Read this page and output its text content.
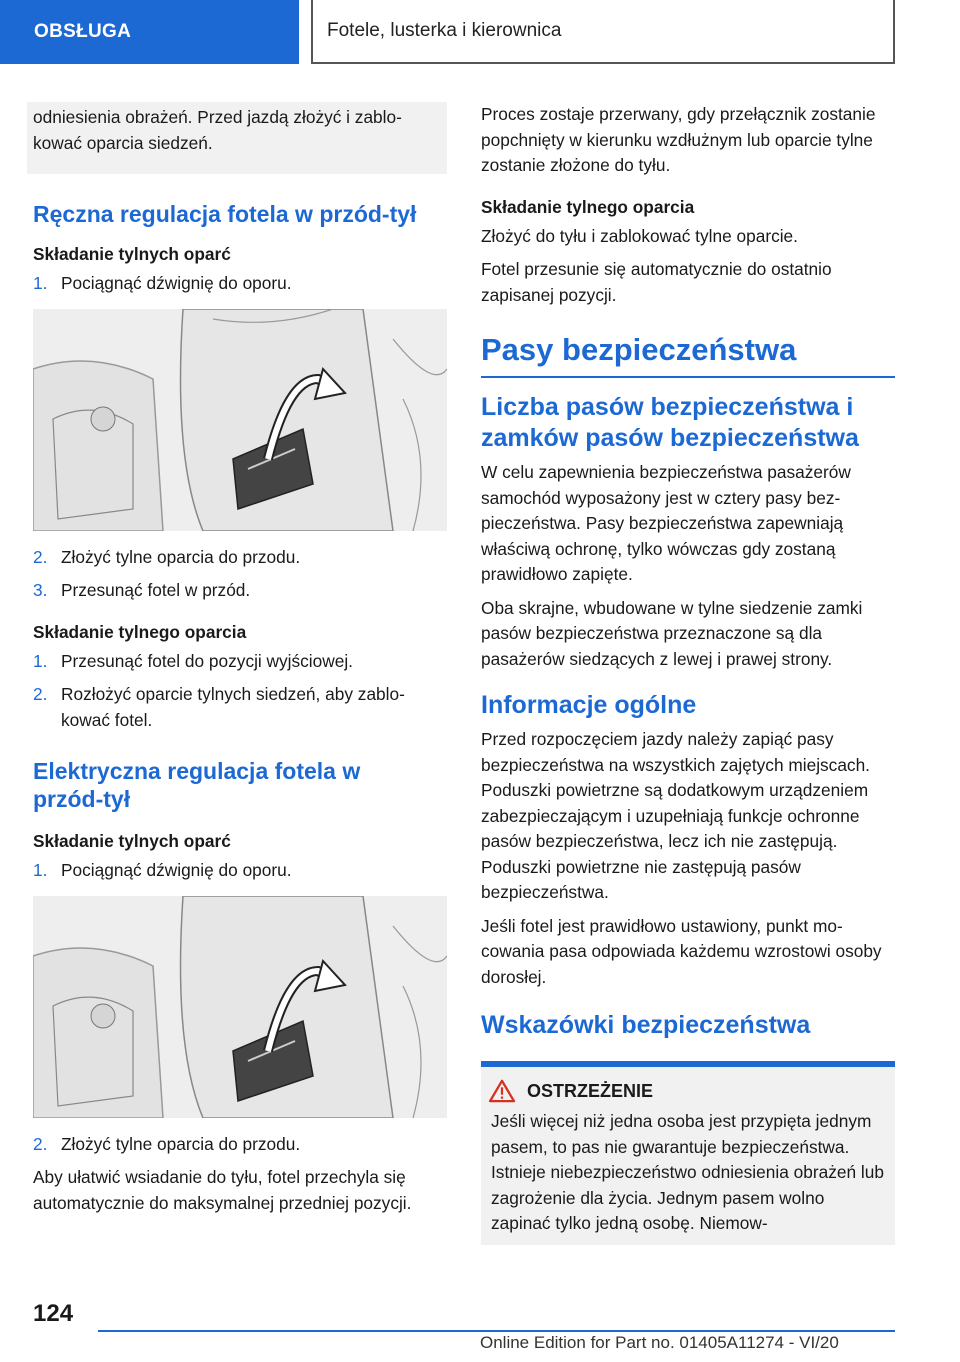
OBSŁUGA	Fotele, lusterka i kierownica

odniesienia obrażeń. Przed jazdą złożyć i zablokować oparcia siedzeń.

Ręczna regulacja fotela w przód-tył
Składanie tylnych oparć
1. Pociągnąć dźwignię do oporu.
2. Złożyć tylne oparcia do przodu.
3. Przesunąć fotel w przód.
Składanie tylnego oparcia
1. Przesunąć fotel do pozycji wyjściowej.
2. Rozłożyć oparcie tylnych siedzeń, aby zablokować fotel.
Elektryczna regulacja fotela w przód-tył
Składanie tylnych oparć
1. Pociągnąć dźwignię do oporu.
2. Złożyć tylne oparcia do przodu.

Aby ułatwić wsiadanie do tyłu, fotel przechyla się automatycznie do maksymalnej przedniej pozycji.

Proces zostaje przerwany, gdy przełącznik zostanie popchnięty w kierunku wzdłużnym lub oparcie tylne zostanie złożone do tyłu.

Składanie tylnego oparcia

Złożyć do tyłu i zablokować tylne oparcie.

Fotel przesunie się automatycznie do ostatnio zapisanej pozycji.

Pasy bezpieczeństwa
Liczba pasów bezpieczeństwa i zamków pasów bezpieczeństwa

W celu zapewnienia bezpieczeństwa pasażerów samochód wyposażony jest w cztery pasy bezpieczeństwa. Pasy bezpieczeństwa zapewniają właściwą ochronę, tylko wówczas gdy zostaną prawidłowo zapięte.

Oba skrajne, wbudowane w tylne siedzenie zamki pasów bezpieczeństwa przeznaczone są dla pasażerów siedzących z lewej i prawej strony.

Informacje ogólne

Przed rozpoczęciem jazdy należy zapiąć pasy bezpieczeństwa na wszystkich zajętych miejscach. Poduszki powietrzne są dodatkowym urządzeniem zabezpieczającym i uzupełniają funkcje ochronne pasów bezpieczeństwa, lecz ich nie zastępują. Poduszki powietrzne nie zastępują pasów bezpieczeństwa.

Jeśli fotel jest prawidłowo ustawiony, punkt mocowania pasa odpowiada każdemu wzrostowi osoby dorosłej.

Wskazówki bezpieczeństwa
OSTRZEŻENIE

Jeśli więcej niż jedna osoba jest przypięta jednym pasem, to pas nie gwarantuje bezpieczeństwa. Istnieje niebezpieczeństwo odniesienia obrażeń lub zagrożenie dla życia. Jednym pasem wolno zapinać tylko jedną osobę. Niemow-

124
Online Edition for Part no. 01405A11274 - VI/20
